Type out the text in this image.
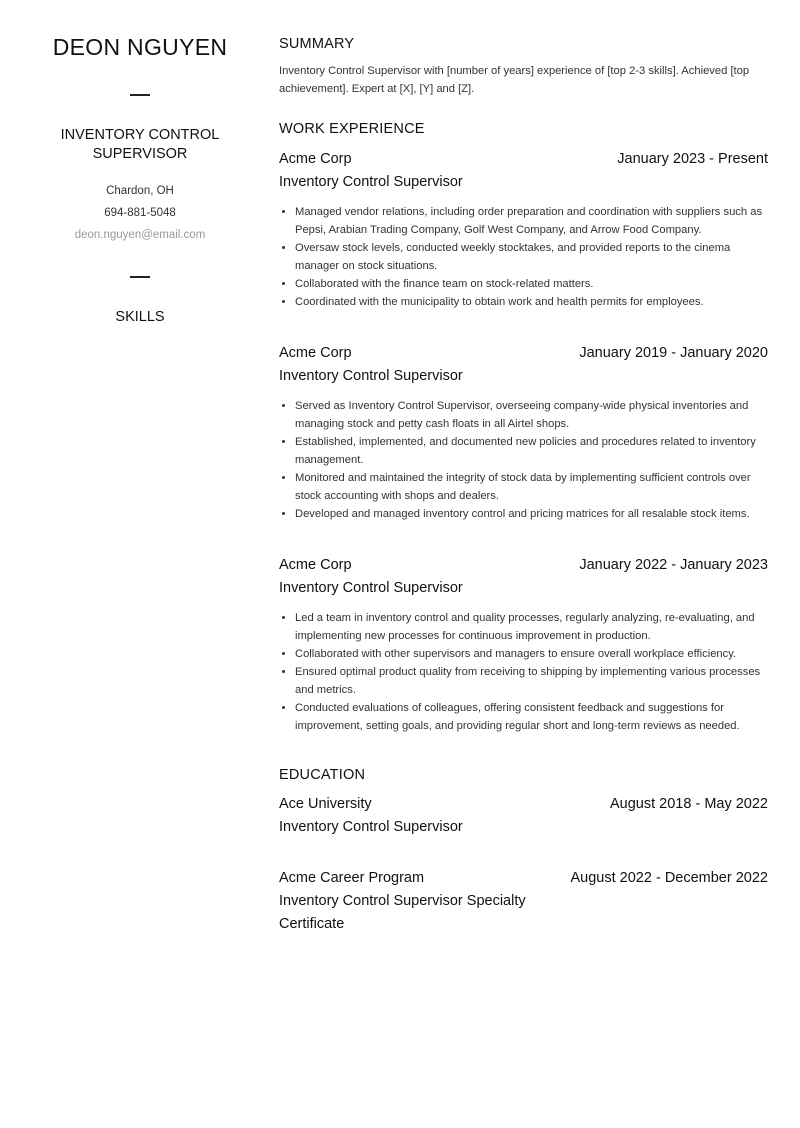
DEON NGUYEN
INVENTORY CONTROL SUPERVISOR
Chardon, OH
694-881-5048
deon.nguyen@email.com
SKILLS
SUMMARY
Inventory Control Supervisor with [number of years] experience of [top 2-3 skills]. Achieved [top achievement]. Expert at [X], [Y] and [Z].
WORK EXPERIENCE
Acme Corp	January 2023 - Present
Inventory Control Supervisor
• Managed vendor relations, including order preparation and coordination with suppliers such as Pepsi, Arabian Trading Company, Golf West Company, and Arrow Food Company.
• Oversaw stock levels, conducted weekly stocktakes, and provided reports to the cinema manager on stock situations.
• Collaborated with the finance team on stock-related matters.
• Coordinated with the municipality to obtain work and health permits for employees.
Acme Corp	January 2019 - January 2020
Inventory Control Supervisor
• Served as Inventory Control Supervisor, overseeing company-wide physical inventories and managing stock and petty cash floats in all Airtel shops.
• Established, implemented, and documented new policies and procedures related to inventory management.
• Monitored and maintained the integrity of stock data by implementing sufficient controls over stock accounting with shops and dealers.
• Developed and managed inventory control and pricing matrices for all resalable stock items.
Acme Corp	January 2022 - January 2023
Inventory Control Supervisor
• Led a team in inventory control and quality processes, regularly analyzing, re-evaluating, and implementing new processes for continuous improvement in production.
• Collaborated with other supervisors and managers to ensure overall workplace efficiency.
• Ensured optimal product quality from receiving to shipping by implementing various processes and metrics.
• Conducted evaluations of colleagues, offering consistent feedback and suggestions for improvement, setting goals, and providing regular short and long-term reviews as needed.
EDUCATION
Ace University	August 2018 - May 2022
Inventory Control Supervisor
Acme Career Program	August 2022 - December 2022
Inventory Control Supervisor Specialty Certificate
